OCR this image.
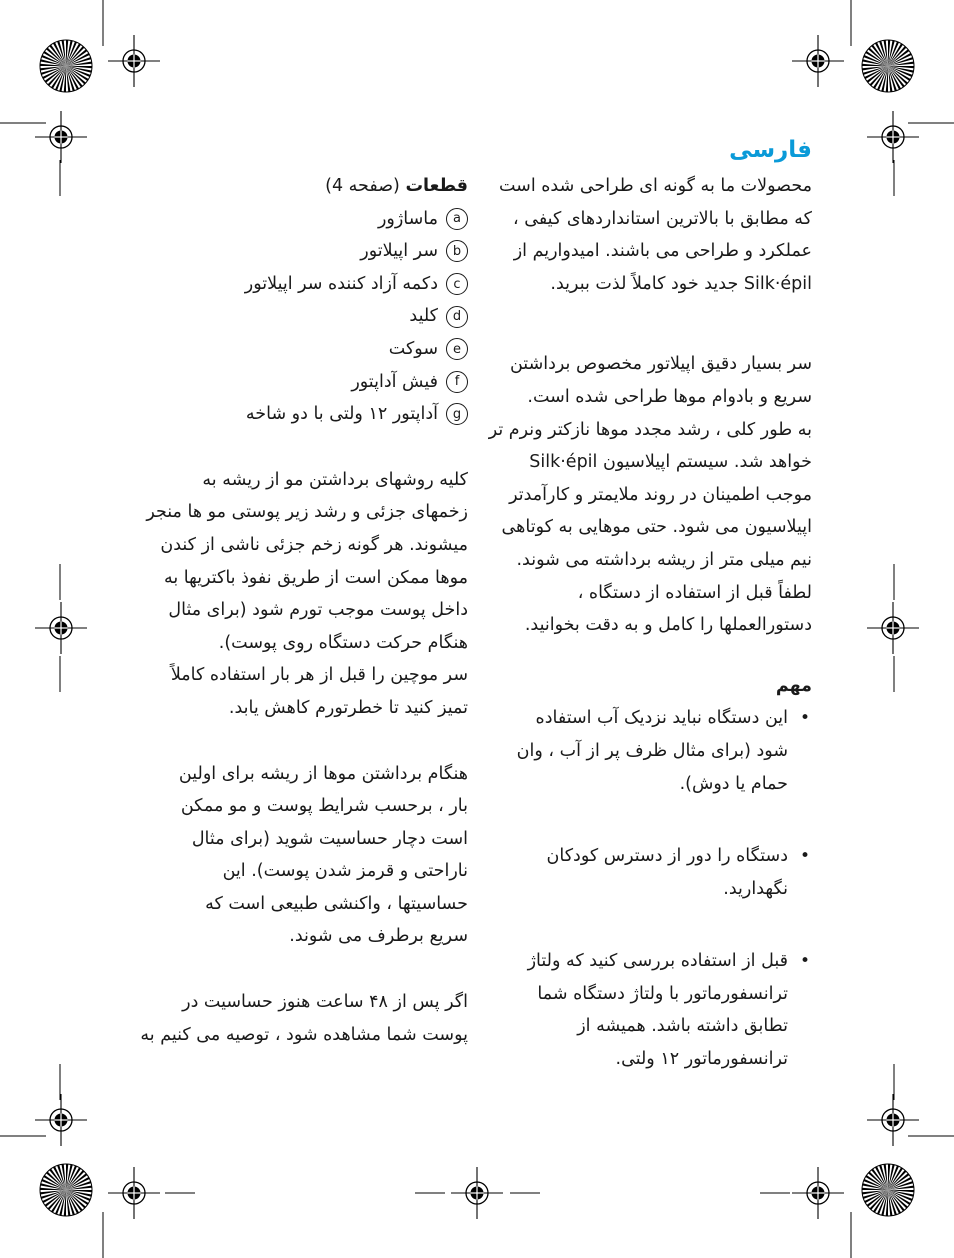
فارسی

محصولات ما به گونه ای طراحی شده است

که مطابق با بالاترین استانداردهای کیفی ،

عملکرد و طراحی می باشند. امیدواریم از

Silk·épil جدید خود کاملاً لذت ببرید.

سر بسیار دقیق اپیلاتور مخصوص برداشتن

سریع و بادوام موها طراحی شده است.

به طور کلی ، رشد مجدد موها نازکتر ونرم تر

خواهد شد. سیستم اپیلاسیون Silk·épil

موجب اطمینان در روند ملایمتر و کارآمدتر

اپیلاسیون می شود. حتی موهایی به کوتاهی

نیم میلی متر از ریشه برداشته می شوند.

لطفاً قبل از استفاده از دستگاه ،

دستورالعملها را کامل و به دقت بخوانید.

مهم
•

این دستگاه نباید نزدیک آب استفاده

شود (برای مثال ظرف پر از آب ، وان

حمام یا دوش).

•

دستگاه را دور از دسترس کودکان

نگهدارید.

•

قبل از استفاده بررسی کنید که ولتاژ

ترانسفورماتور با ولتاژ دستگاه شما

تطابق داشته باشد. همیشه از

ترانسفورماتور ۱۲ ولتی.

قطعات (صفحه 4)
a
ماساژور
b
سر اپیلاتور
c
دکمه آزاد کننده سر اپیلاتور
d
کلید
e
سوکت
f
فیش آداپتور
g
آداپتور ۱۲ ولتی با دو شاخه

کلیه روشهای برداشتن مو از ریشه به

زخمهای جزئی و رشد زیر پوستی مو ها منجر

میشوند. هر گونه زخم جزئی ناشی از کندن

موها ممکن است از طریق نفوذ باکتریها به

داخل پوست موجب تورم شود (برای مثال

هنگام حرکت دستگاه روی پوست).

سر موچین را قبل از هر بار استفاده کاملاً

تمیز کنید تا خطرتورم کاهش یابد.

هنگام برداشتن موها از ریشه برای اولین

بار ، برحسب شرایط پوست و مو ممکن

است دچار حساسیت شوید (برای مثال

ناراحتی و قرمز شدن پوست). این

حساسیتها ، واکنشی طبیعی است که

سریع برطرف می شوند.

اگر پس از ۴۸ ساعت هنوز حساسیت در

پوست شما مشاهده شود ، توصیه می کنیم به
